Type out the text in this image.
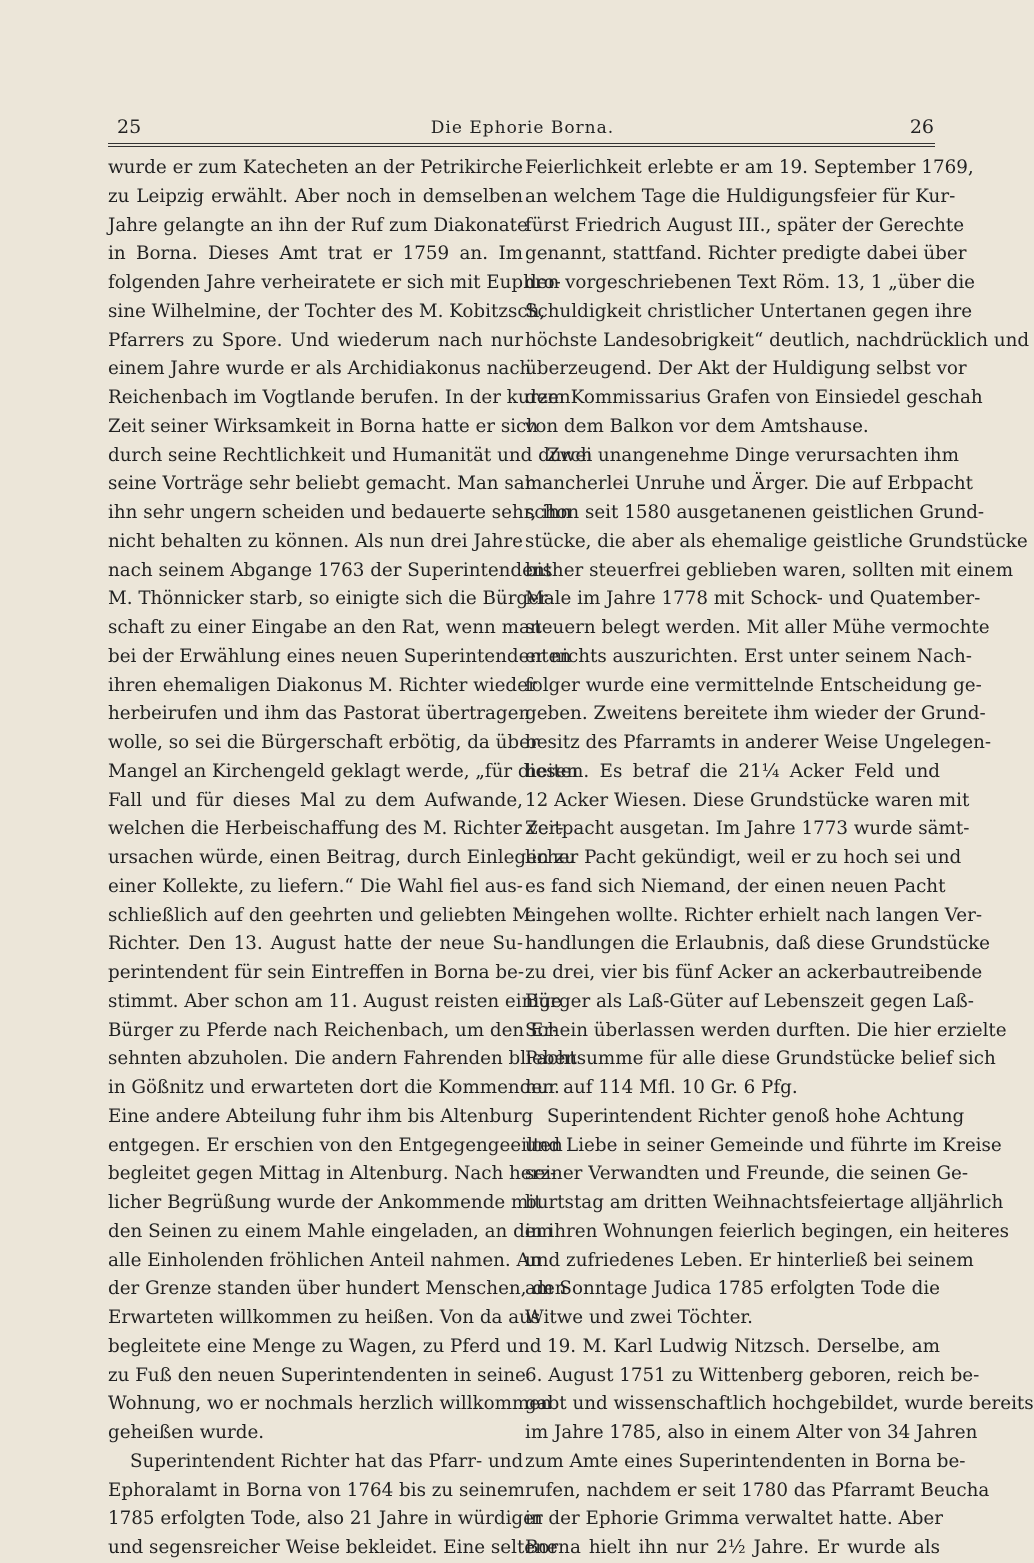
25	Die Ephorie Borna.	26
wurde er zum Katecheten an der Petrikirche
zu Leipzig erwählt. Aber noch in demselben
Jahre gelangte an ihn der Ruf zum Diakonate
in Borna. Dieses Amt trat er 1759 an. Im
folgenden Jahre verheiratete er sich mit Euphro-
sine Wilhelmine, der Tochter des M. Kobitzsch,
Pfarrers zu Spore. Und wiederum nach nur
einem Jahre wurde er als Archidiakonus nach
Reichenbach im Vogtlande berufen. In der kurzen
Zeit seiner Wirksamkeit in Borna hatte er sich
durch seine Rechtlichkeit und Humanität und durch
seine Vorträge sehr beliebt gemacht. Man sah
ihn sehr ungern scheiden und bedauerte sehr, ihn
nicht behalten zu können. Als nun drei Jahre
nach seinem Abgange 1763 der Superintendent
M. Thönnicker starb, so einigte sich die Bürger-
schaft zu einer Eingabe an den Rat, wenn man
bei der Erwählung eines neuen Superintendenten
ihren ehemaligen Diakonus M. Richter wieder
herbeirufen und ihm das Pastorat übertragen
wolle, so sei die Bürgerschaft erbötig, da über
Mangel an Kirchengeld geklagt werde, „für diesen
Fall und für dieses Mal zu dem Aufwande,
welchen die Herbeischaffung des M. Richter ver-
ursachen würde, einen Beitrag, durch Einlegen zu
einer Kollekte, zu liefern.“ Die Wahl fiel aus-
schließlich auf den geehrten und geliebten M.
Richter. Den 13. August hatte der neue Su-
perintendent für sein Eintreffen in Borna be-
stimmt. Aber schon am 11. August reisten einige
Bürger zu Pferde nach Reichenbach, um den Er-
sehnten abzuholen. Die andern Fahrenden blieben
in Gößnitz und erwarteten dort die Kommenden.
Eine andere Abteilung fuhr ihm bis Altenburg
entgegen. Er erschien von den Entgegengeeilten
begleitet gegen Mittag in Altenburg. Nach herz-
licher Begrüßung wurde der Ankommende mit
den Seinen zu einem Mahle eingeladen, an dem
alle Einholenden fröhlichen Anteil nahmen. An
der Grenze standen über hundert Menschen, den
Erwarteten willkommen zu heißen. Von da aus
begleitete eine Menge zu Wagen, zu Pferd und
zu Fuß den neuen Superintendenten in seine
Wohnung, wo er nochmals herzlich willkommen
geheißen wurde.
Superintendent Richter hat das Pfarr- und
Ephoralamt in Borna von 1764 bis zu seinem
1785 erfolgten Tode, also 21 Jahre in würdiger
und segensreicher Weise bekleidet. Eine seltene
Feierlichkeit erlebte er am 19. September 1769,
an welchem Tage die Huldigungsfeier für Kur-
fürst Friedrich August III., später der Gerechte
genannt, stattfand. Richter predigte dabei über
den vorgeschriebenen Text Röm. 13, 1 „über die
Schuldigkeit christlicher Untertanen gegen ihre
höchste Landesobrigkeit“ deutlich, nachdrücklich und
überzeugend. Der Akt der Huldigung selbst vor
dem Kommissarius Grafen von Einsiedel geschah
von dem Balkon vor dem Amtshause.
Zwei unangenehme Dinge verursachten ihm
mancherlei Unruhe und Ärger. Die auf Erbpacht
schon seit 1580 ausgetanenen geistlichen Grund-
stücke, die aber als ehemalige geistliche Grundstücke
bisher steuerfrei geblieben waren, sollten mit einem
Male im Jahre 1778 mit Schock- und Quatember-
steuern belegt werden. Mit aller Mühe vermochte
er nichts auszurichten. Erst unter seinem Nach-
folger wurde eine vermittelnde Entscheidung ge-
geben. Zweitens bereitete ihm wieder der Grund-
besitz des Pfarramts in anderer Weise Ungelegen-
heiten. Es betraf die 21¼ Acker Feld und
12 Acker Wiesen. Diese Grundstücke waren mit
Zeitpacht ausgetan. Im Jahre 1773 wurde sämt-
licher Pacht gekündigt, weil er zu hoch sei und
es fand sich Niemand, der einen neuen Pacht
eingehen wollte. Richter erhielt nach langen Ver-
handlungen die Erlaubnis, daß diese Grundstücke
zu drei, vier bis fünf Acker an ackerbautreibende
Bürger als Laß-Güter auf Lebenszeit gegen Laß-
Schein überlassen werden durften. Die hier erzielte
Pachtsumme für alle diese Grundstücke belief sich
nur auf 114 Mfl. 10 Gr. 6 Pfg.
Superintendent Richter genoß hohe Achtung
und Liebe in seiner Gemeinde und führte im Kreise
seiner Verwandten und Freunde, die seinen Ge-
burtstag am dritten Weihnachtsfeiertage alljährlich
in ihren Wohnungen feierlich begingen, ein heiteres
und zufriedenes Leben. Er hinterließ bei seinem
am Sonntage Judica 1785 erfolgten Tode die
Witwe und zwei Töchter.
19. M. Karl Ludwig Nitzsch. Derselbe, am
6. August 1751 zu Wittenberg geboren, reich be-
gabt und wissenschaftlich hochgebildet, wurde bereits
im Jahre 1785, also in einem Alter von 34 Jahren
zum Amte eines Superintendenten in Borna be-
rufen, nachdem er seit 1780 das Pfarramt Beucha
in der Ephorie Grimma verwaltet hatte. Aber
Borna hielt ihn nur 2½ Jahre. Er wurde als
